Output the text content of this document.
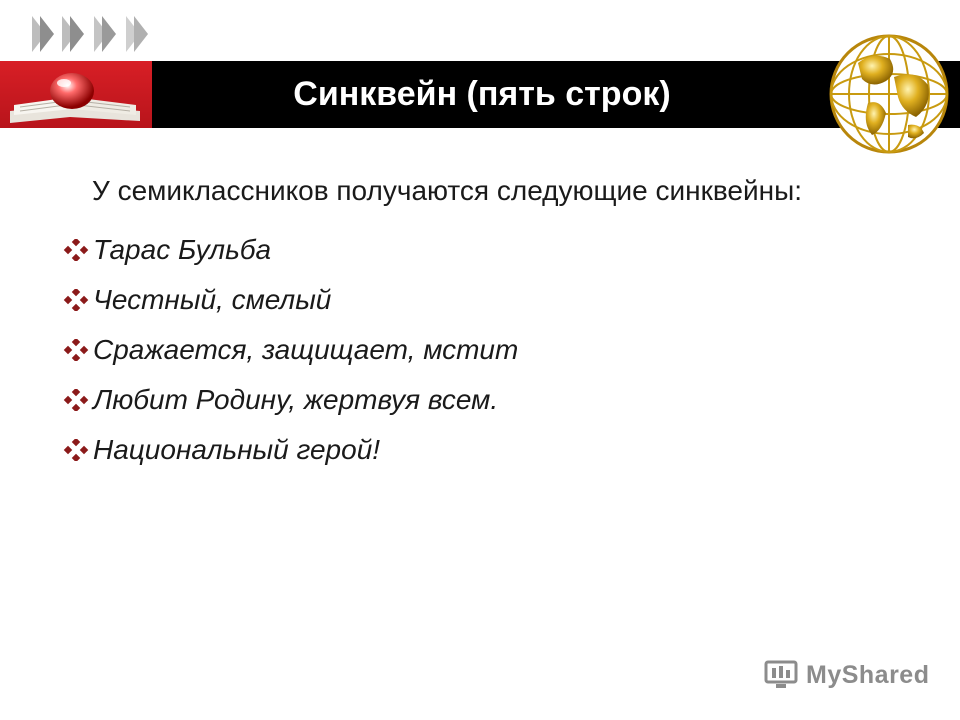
Синквейн (пять строк)

У семиклассников получаются следующие синквейны:

Тарас Бульба
Честный, смелый
Сражается, защищает, мстит
Любит Родину, жертвуя всем.
Национальный герой!
MyShared
